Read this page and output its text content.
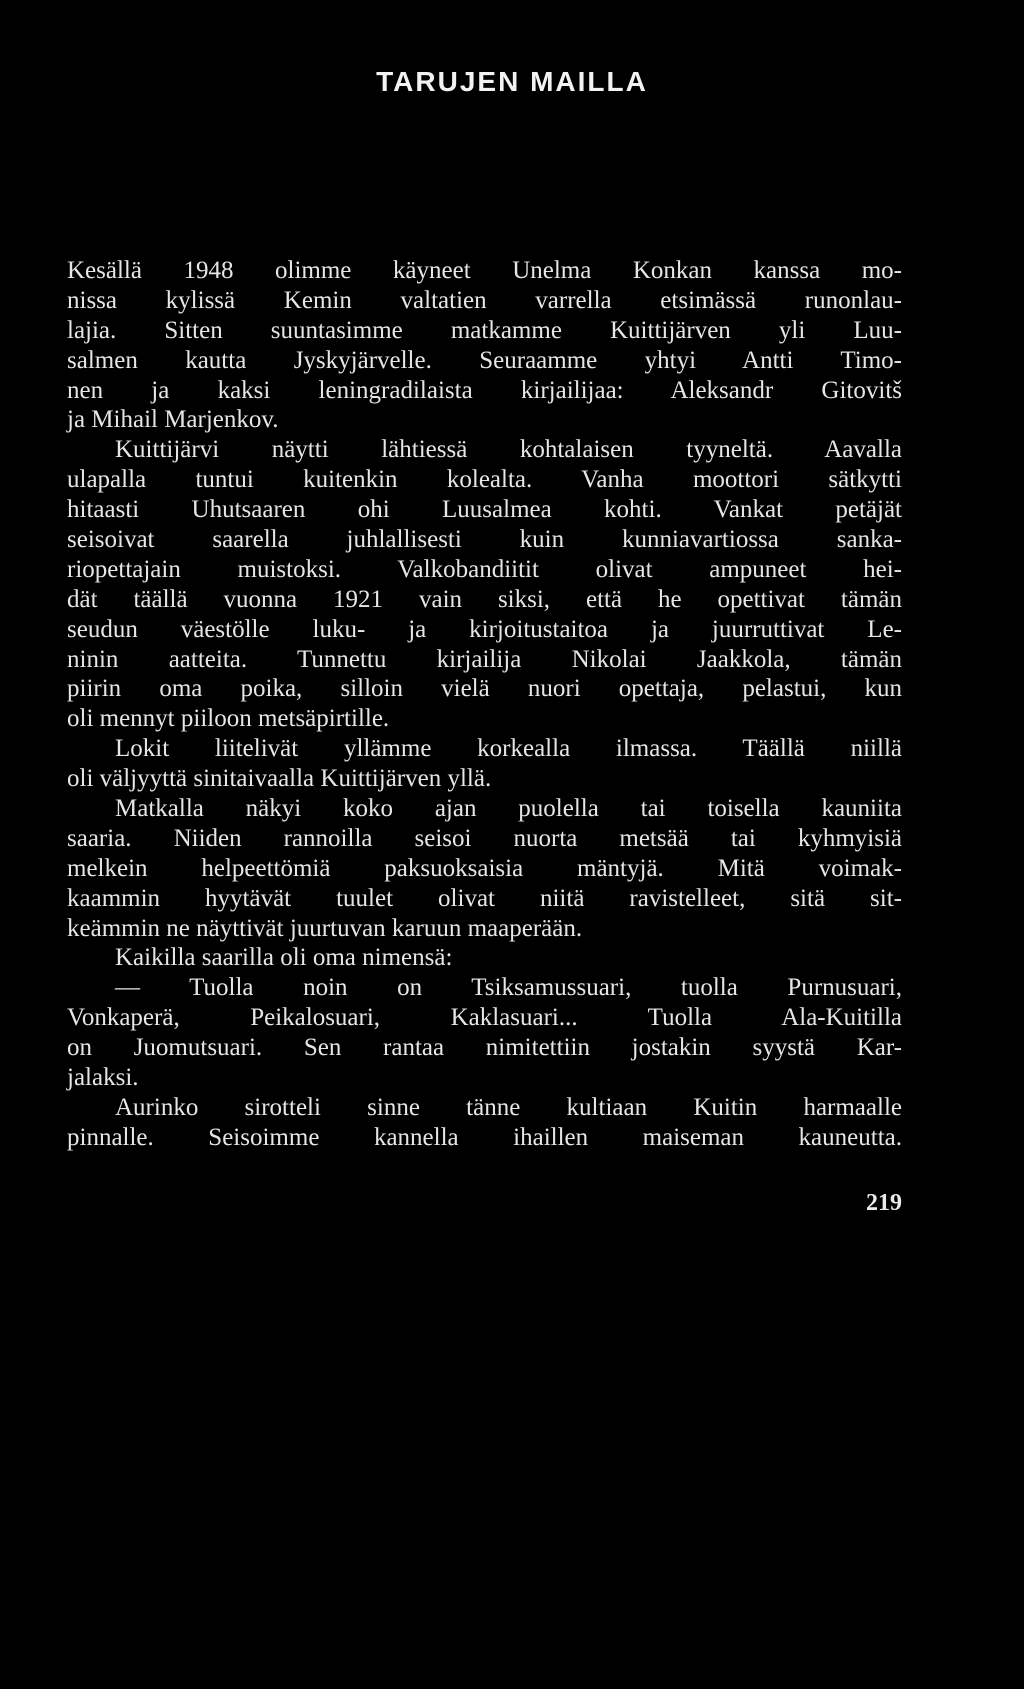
TARUJEN MAILLA
Kesällä 1948 olimme käyneet Unelma Konkan kanssa mo-
nissa kylissä Kemin valtatien varrella etsimässä runonlau-
lajia. Sitten suuntasimme matkamme Kuittijärven yli Luu-
salmen kautta Jyskyjärvelle. Seuraamme yhtyi Antti Timo-
nen ja kaksi leningradilaista kirjailijaa: Aleksandr Gitovitš
ja Mihail Marjenkov.
Kuittijärvi näytti lähtiessä kohtalaisen tyyneltä. Aavalla
ulapalla tuntui kuitenkin kolealta. Vanha moottori sätkytti
hitaasti Uhutsaaren ohi Luusalmea kohti. Vankat petäjät
seisoivat saarella juhlallisesti kuin kunniavartiossa sanka-
riopettajain muistoksi. Valkobandiitit olivat ampuneet hei-
dät täällä vuonna 1921 vain siksi, että he opettivat tämän
seudun väestölle luku- ja kirjoitustaitoa ja juurruttivat Le-
ninin aatteita. Tunnettu kirjailija Nikolai Jaakkola, tämän
piirin oma poika, silloin vielä nuori opettaja, pelastui, kun
oli mennyt piiloon metsäpirtille.
Lokit liitelivät yllämme korkealla ilmassa. Täällä niillä
oli väljyyttä sinitaivaalla Kuittijärven yllä.
Matkalla näkyi koko ajan puolella tai toisella kauniita
saaria. Niiden rannoilla seisoi nuorta metsää tai kyhmyisiä
melkein helpeettömiä paksuoksaisia mäntyjä. Mitä voimak-
kaammin hyytävät tuulet olivat niitä ravistelleet, sitä sit-
keämmin ne näyttivät juurtuvan karuun maaperään.
Kaikilla saarilla oli oma nimensä:
— Tuolla noin on Tsiksamussuari, tuolla Purnusuari,
Vonkaperä, Peikalosuari, Kaklasuari... Tuolla Ala-Kuitilla
on Juomutsuari. Sen rantaa nimitettiin jostakin syystä Kar-
jalaksi.
Aurinko sirotteli sinne tänne kultiaan Kuitin harmaalle
pinnalle. Seisoimme kannella ihaillen maiseman kauneutta.

219
